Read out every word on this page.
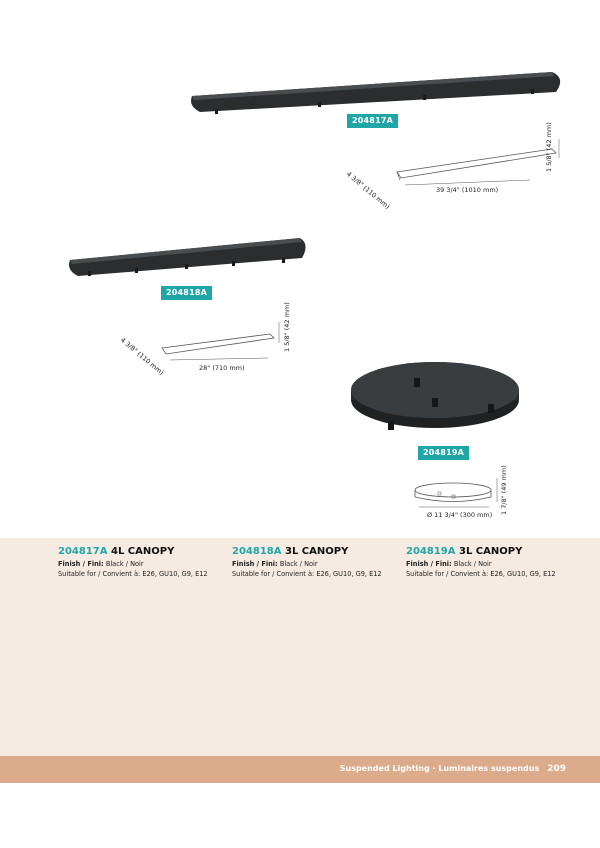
204817A
204818A
204819A
4 3/8" (110 mm)	39 3/4" (1010 mm)
1 5/8" (42 mm)
4 3/8" (110 mm)	28" (710 mm)
1 5/8" (42 mm)
Ø 11 3/4" (300 mm) 1 7/8" (49 mm)
204817A 4L CANOPY
Finish / Fini: Black / Noir
Suitable for / Convient à: E26, GU10, G9, E12
204818A 3L CANOPY
Finish / Fini: Black / Noir
Suitable for / Convient à: E26, GU10, G9, E12
204819A 3L CANOPY
Finish / Fini: Black / Noir
Suitable for / Convient à: E26, GU10, G9, E12
Suspended Lighting · Luminaires suspendus 209
